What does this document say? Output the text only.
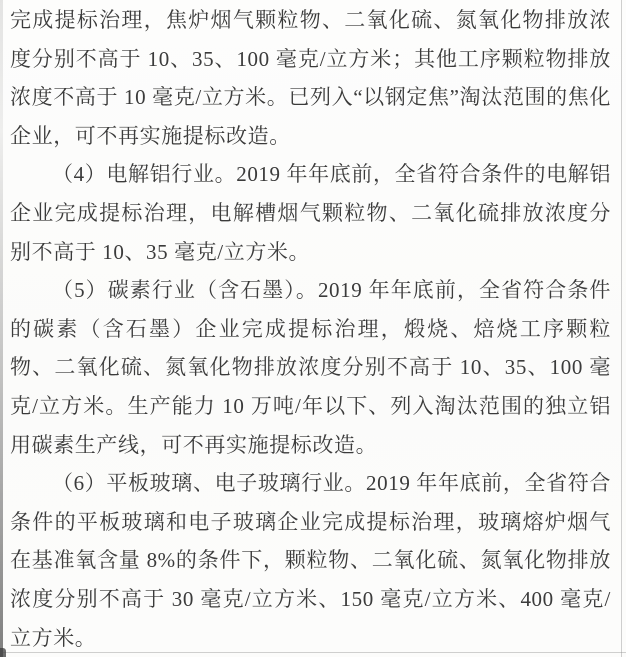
完成提标治理，焦炉烟气颗粒物、二氧化硫、氮氧化物排放浓度分别不高于 10、35、100 毫克/立方米；其他工序颗粒物排放浓度不高于 10 毫克/立方米。已列入“以钢定焦”淘汰范围的焦化企业，可不再实施提标改造。

（4）电解铝行业。2019 年年底前，全省符合条件的电解铝企业完成提标治理，电解槽烟气颗粒物、二氧化硫排放浓度分别不高于 10、35 毫克/立方米。

（5）碳素行业（含石墨）。2019 年年底前，全省符合条件的碳素（含石墨）企业完成提标治理，煅烧、焙烧工序颗粒物、二氧化硫、氮氧化物排放浓度分别不高于 10、35、100 毫克/立方米。生产能力 10 万吨/年以下、列入淘汰范围的独立铝用碳素生产线，可不再实施提标改造。

（6）平板玻璃、电子玻璃行业。2019 年年底前，全省符合条件的平板玻璃和电子玻璃企业完成提标治理，玻璃熔炉烟气在基准氧含量 8%的条件下，颗粒物、二氧化硫、氮氧化物排放浓度分别不高于 30 毫克/立方米、150 毫克/立方米、400 毫克/立方米。
